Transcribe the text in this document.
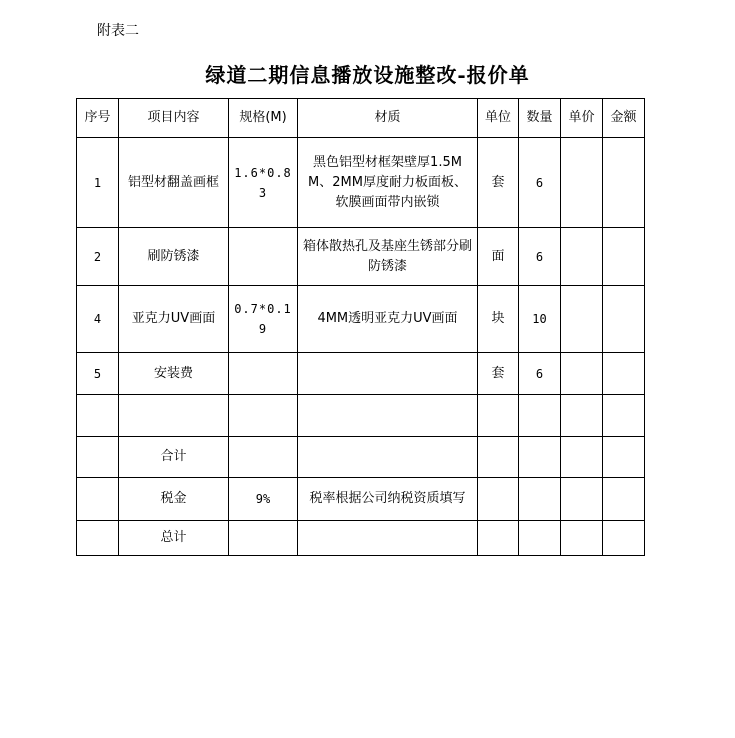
附表二
绿道二期信息播放设施整改-报价单
序号	项目内容	规格(M)	材质	单位	数量	单价	金额
1	铝型材翻盖画框	1.6*0.83	黑色铝型材框架壁厚1.5MM、2MM厚度耐力板面板、软膜画面带内嵌锁	套	6		
2	刷防锈漆		箱体散热孔及基座生锈部分刷防锈漆	面	6		
4	亚克力UV画面	0.7*0.19	4MM透明亚克力UV画面	块	10		
5	安装费			套	6		

	合计						
	税金	9%	税率根据公司纳税资质填写				
	总计						
